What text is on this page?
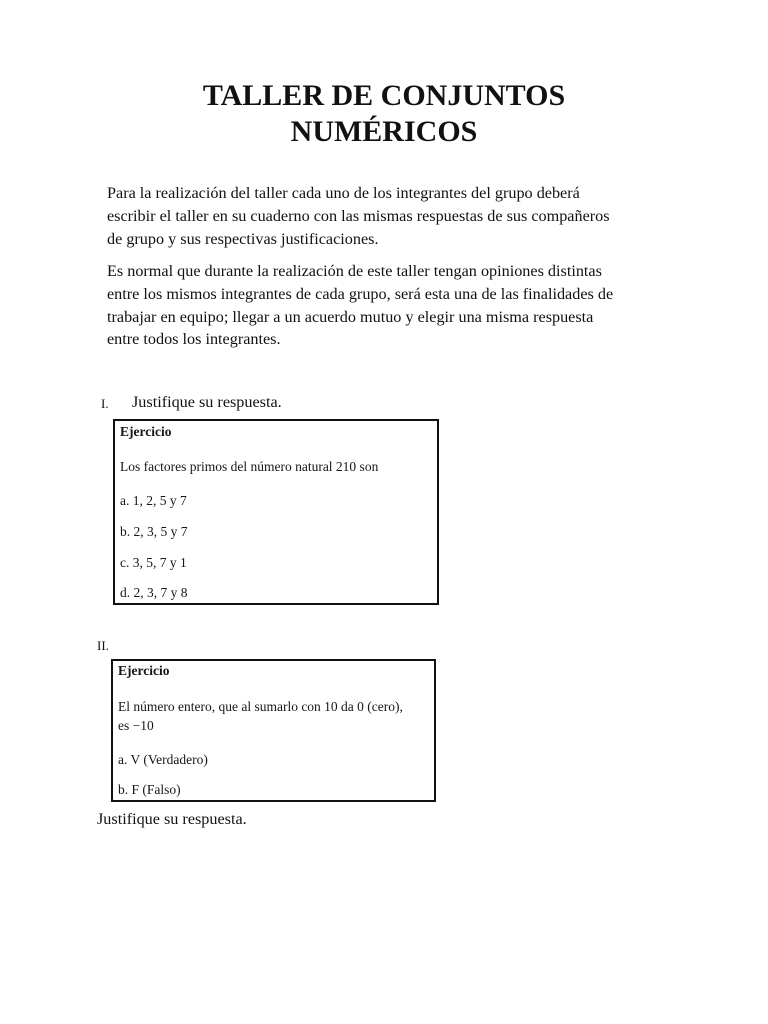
TALLER DE CONJUNTOS
NUMÉRICOS

Para la realización del taller cada uno de los integrantes del grupo deberá
escribir el taller en su cuaderno con las mismas respuestas de sus compañeros
de grupo y sus respectivas justificaciones.

Es normal que durante la realización de este taller tengan opiniones distintas
entre los mismos integrantes de cada grupo, será esta una de las finalidades de
trabajar en equipo; llegar a un acuerdo mutuo y elegir una misma respuesta
entre todos los integrantes.

I. Justifique su respuesta.
Ejercicio
Los factores primos del número natural 210 son
a. 1, 2, 5 y 7
b. 2, 3, 5 y 7
c. 3, 5, 7 y 1
d. 2, 3, 7 y 8
II.
Ejercicio
El número entero, que al sumarlo con 10 da 0 (cero),
es −10
a. V (Verdadero)
b. F (Falso)
Justifique su respuesta.
